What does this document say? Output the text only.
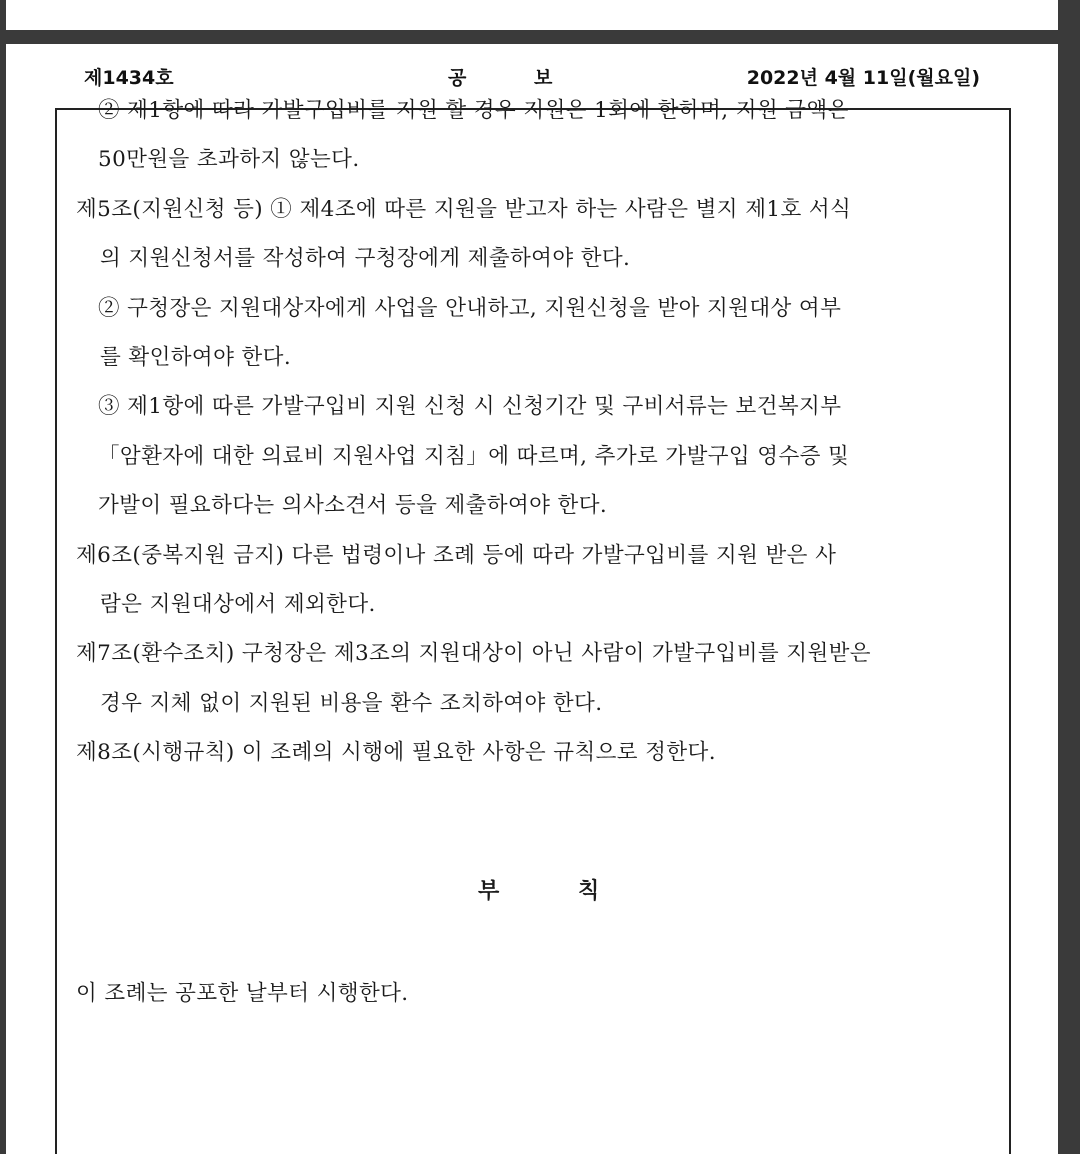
제1434호	공	보	2022년 4월 11일(월요일)
② 제1항에 따라 가발구입비를 지원 할 경우 지원은 1회에 한하며, 지원 금액은
50만원을 초과하지 않는다.
제5조(지원신청 등) ① 제4조에 따른 지원을 받고자 하는 사람은 별지 제1호 서식
의 지원신청서를 작성하여 구청장에게 제출하여야 한다.
② 구청장은 지원대상자에게 사업을 안내하고, 지원신청을 받아 지원대상 여부
를 확인하여야 한다.
③ 제1항에 따른 가발구입비 지원 신청 시 신청기간 및 구비서류는 보건복지부
「암환자에 대한 의료비 지원사업 지침」에 따르며, 추가로 가발구입 영수증 및
가발이 필요하다는 의사소견서 등을 제출하여야 한다.
제6조(중복지원 금지) 다른 법령이나 조례 등에 따라 가발구입비를 지원 받은 사
람은 지원대상에서 제외한다.
제7조(환수조치) 구청장은 제3조의 지원대상이 아닌 사람이 가발구입비를 지원받은
경우 지체 없이 지원된 비용을 환수 조치하여야 한다.
제8조(시행규칙) 이 조례의 시행에 필요한 사항은 규칙으로 정한다.
부	칙
이 조례는 공포한 날부터 시행한다.
